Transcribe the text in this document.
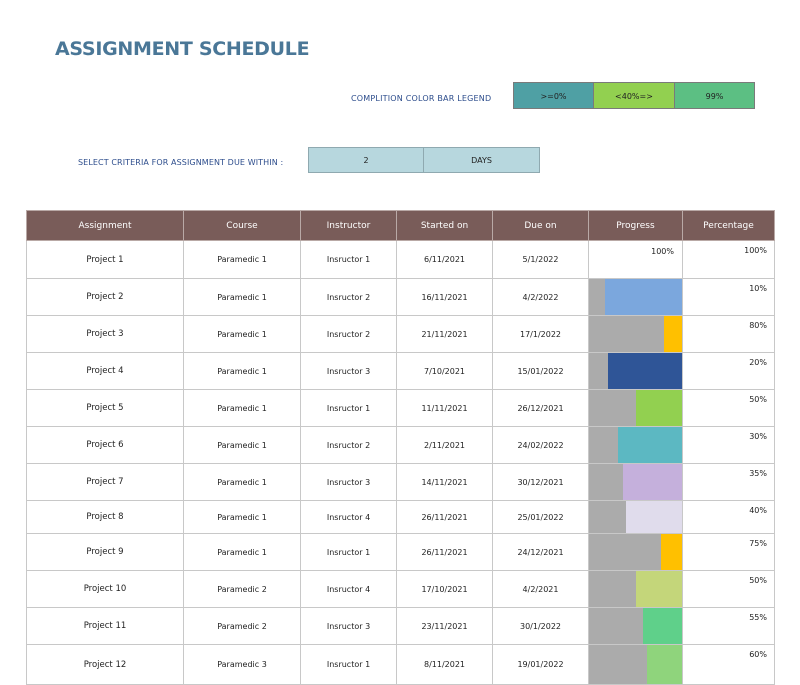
ASSIGNMENT SCHEDULE
COMPLITION COLOR BAR LEGEND	>=0%	<40%=>	99%
SELECT CRITERIA FOR ASSIGNMENT DUE WITHIN :	2	DAYS
Assignment	Course	Instructor	Started on	Due on	Progress	Percentage
Project 1	Paramedic 1	Insructor 1	6/11/2021	5/1/2022	100%	100%
Project 2	Paramedic 1	Insructor 2	16/11/2021	4/2/2022		10%
Project 3	Paramedic 1	Insructor 2	21/11/2021	17/1/2022		80%
Project 4	Paramedic 1	Insructor 3	7/10/2021	15/01/2022		20%
Project 5	Paramedic 1	Insructor 1	11/11/2021	26/12/2021		50%
Project 6	Paramedic 1	Insructor 2	2/11/2021	24/02/2022		30%
Project 7	Paramedic 1	Insructor 3	14/11/2021	30/12/2021		35%
Project 8	Paramedic 1	Insructor 4	26/11/2021	25/01/2022		40%
Project 9	Paramedic 1	Insructor 1	26/11/2021	24/12/2021		75%
Project 10	Paramedic 2	Insructor 4	17/10/2021	4/2/2021		50%
Project 11	Paramedic 2	Insructor 3	23/11/2021	30/1/2022		55%
Project 12	Paramedic 3	Insructor 1	8/11/2021	19/01/2022		60%
